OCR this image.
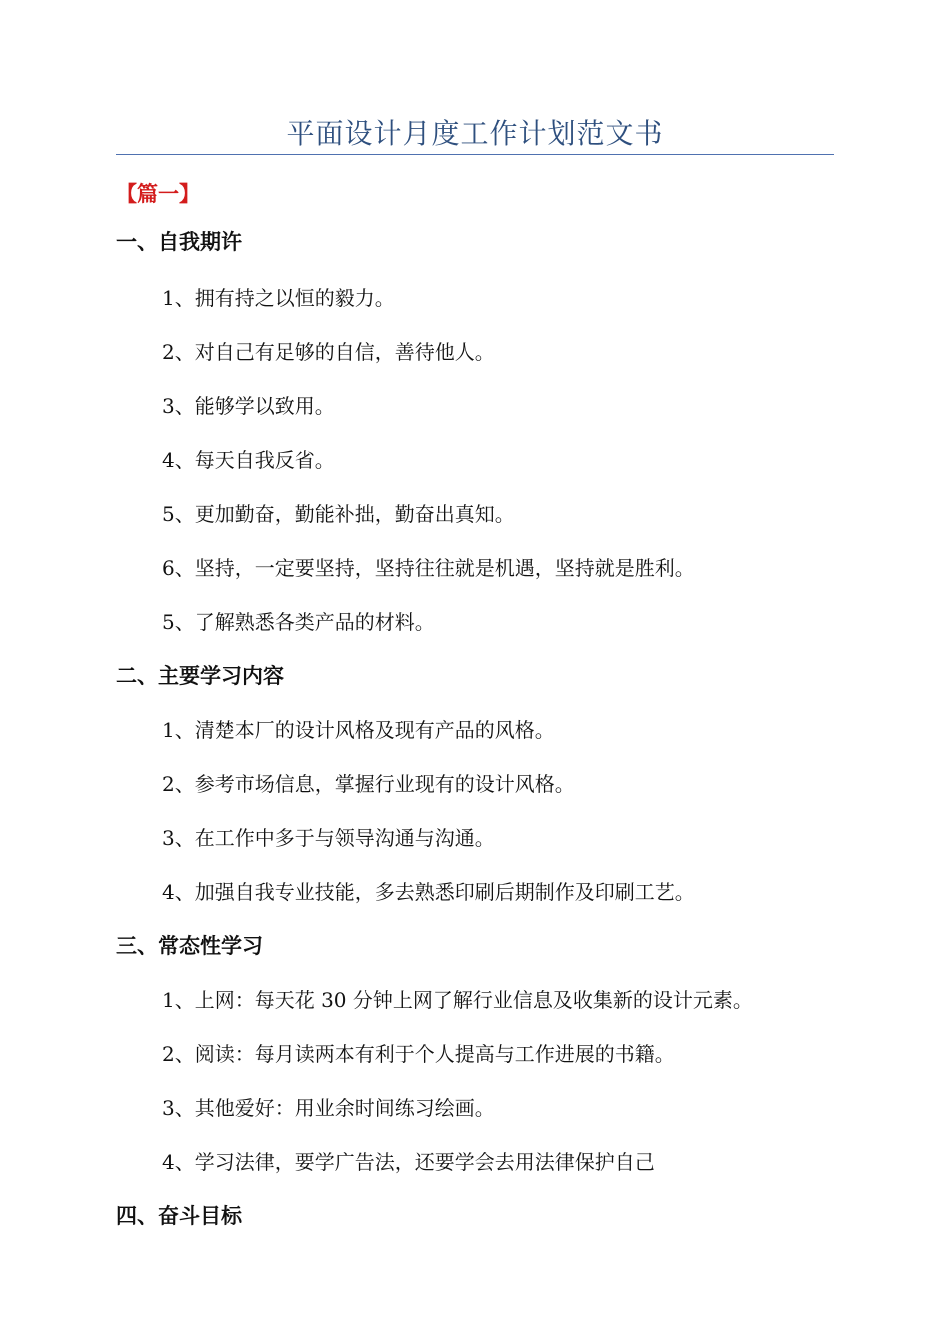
平面设计月度工作计划范文书
【篇一】
一、自我期许
1、拥有持之以恒的毅力。
2、对自己有足够的自信，善待他人。
3、能够学以致用。
4、每天自我反省。
5、更加勤奋，勤能补拙，勤奋出真知。
6、坚持，一定要坚持，坚持往往就是机遇，坚持就是胜利。
5、了解熟悉各类产品的材料。
二、主要学习内容
1、清楚本厂的设计风格及现有产品的风格。
2、参考市场信息，掌握行业现有的设计风格。
3、在工作中多于与领导沟通与沟通。
4、加强自我专业技能，多去熟悉印刷后期制作及印刷工艺。
三、常态性学习
1、上网：每天花 30 分钟上网了解行业信息及收集新的设计元素。
2、阅读：每月读两本有利于个人提高与工作进展的书籍。
3、其他爱好：用业余时间练习绘画。
4、学习法律，要学广告法，还要学会去用法律保护自己
四、奋斗目标
